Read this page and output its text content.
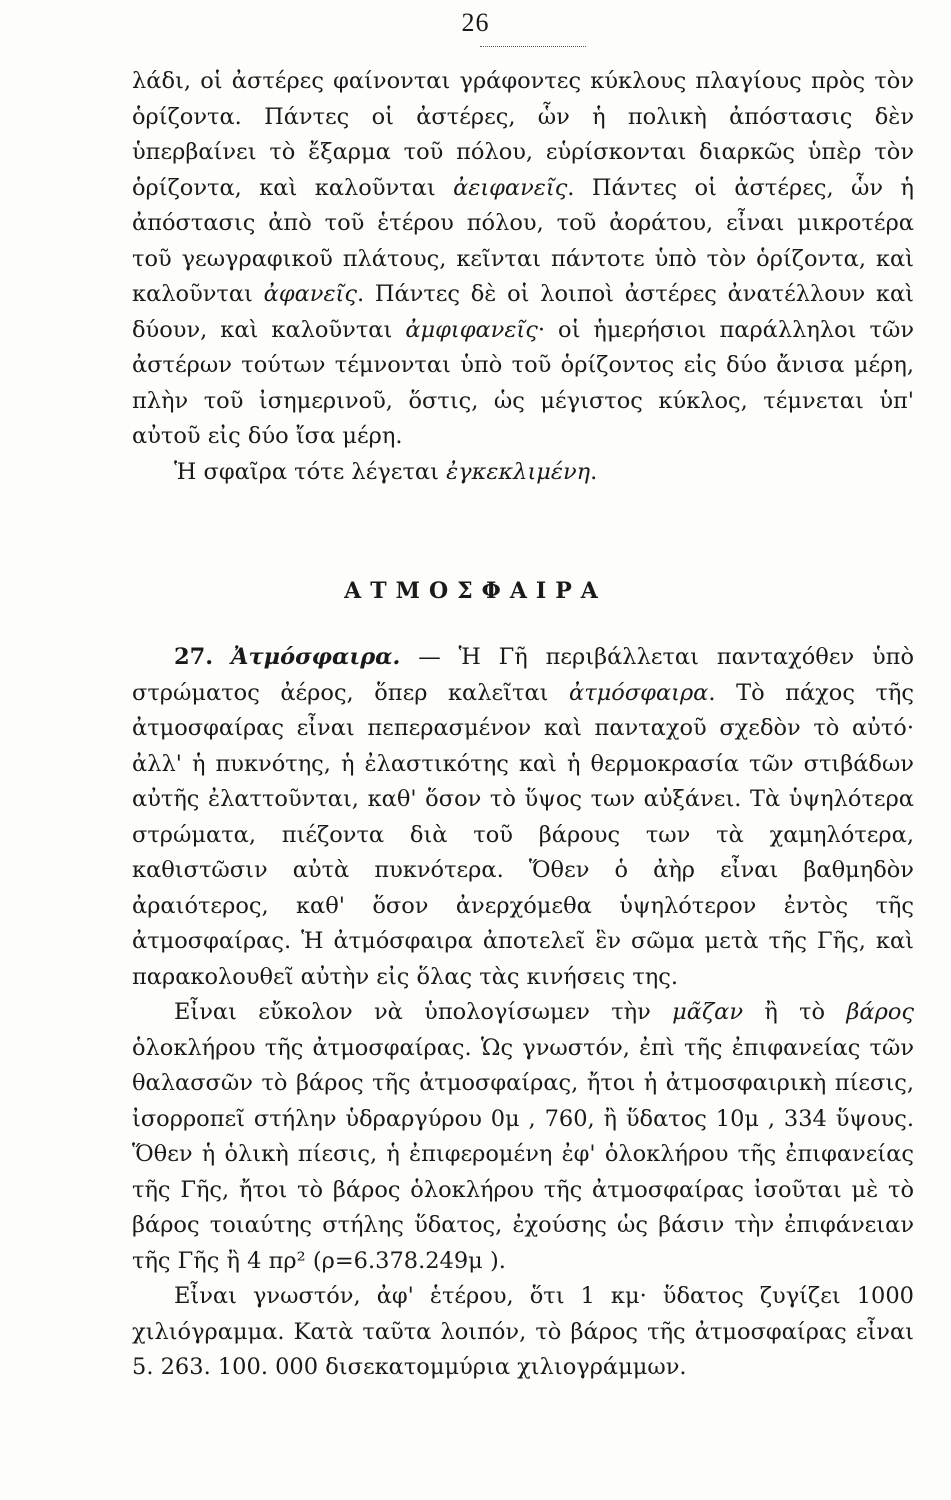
26

λάδι, οἱ ἀστέρες φαίνονται γράφοντες κύκλους πλαγίους πρὸς τὸν ὁρίζοντα. Πάντες οἱ ἀστέρες, ὧν ἡ πολικὴ ἀπόστασις δὲν ὑπερβαίνει τὸ ἔξαρμα τοῦ πόλου, εὑρίσκονται διαρκῶς ὑπὲρ τὸν ὁρίζοντα, καὶ καλοῦνται ἀειφανεῖς. Πάντες οἱ ἀστέρες, ὧν ἡ ἀπόστασις ἀπὸ τοῦ ἑτέρου πόλου, τοῦ ἀοράτου, εἶναι μικροτέρα τοῦ γεωγραφικοῦ πλάτους, κεῖνται πάντοτε ὑπὸ τὸν ὁρίζοντα, καὶ καλοῦνται ἀφανεῖς. Πάντες δὲ οἱ λοιποὶ ἀστέρες ἀνατέλλουν καὶ δύουν, καὶ καλοῦνται ἀμφιφανεῖς· οἱ ἡμερήσιοι παράλληλοι τῶν ἀστέρων τούτων τέμνονται ὑπὸ τοῦ ὁρίζοντος εἰς δύο ἄνισα μέρη, πλὴν τοῦ ἰσημερινοῦ, ὅστις, ὡς μέγιστος κύκλος, τέμνεται ὑπ' αὐτοῦ εἰς δύο ἴσα μέρη.

Ἡ σφαῖρα τότε λέγεται ἐγκεκλιμένη.

ΑΤΜΟΣΦΑΙΡΑ

27. Ἀτμόσφαιρα. — Ἡ Γῆ περιβάλλεται πανταχόθεν ὑπὸ στρώματος ἀέρος, ὅπερ καλεῖται ἀτμόσφαιρα. Τὸ πάχος τῆς ἀτμοσφαίρας εἶναι πεπερασμένον καὶ πανταχοῦ σχεδὸν τὸ αὐτό· ἀλλ' ἡ πυκνότης, ἡ ἐλαστικότης καὶ ἡ θερμοκρασία τῶν στιβάδων αὐτῆς ἐλαττοῦνται, καθ' ὅσον τὸ ὕψος των αὐξάνει. Τὰ ὑψηλότερα στρώματα, πιέζοντα διὰ τοῦ βάρους των τὰ χαμηλότερα, καθιστῶσιν αὐτὰ πυκνότερα. Ὅθεν ὁ ἀὴρ εἶναι βαθμηδὸν ἀραιότερος, καθ' ὅσον ἀνερχόμεθα ὑψηλότερον ἐντὸς τῆς ἀτμοσφαίρας. Ἡ ἀτμόσφαιρα ἀποτελεῖ ἓν σῶμα μετὰ τῆς Γῆς, καὶ παρακολουθεῖ αὐτὴν εἰς ὅλας τὰς κινήσεις της.

Εἶναι εὔκολον νὰ ὑπολογίσωμεν τὴν μᾶζαν ἢ τὸ βάρος ὁλοκλήρου τῆς ἀτμοσφαίρας. Ὡς γνωστόν, ἐπὶ τῆς ἐπιφανείας τῶν θαλασσῶν τὸ βάρος τῆς ἀτμοσφαίρας, ἤτοι ἡ ἀτμοσφαιρικὴ πίεσις, ἰσορροπεῖ στήλην ὑδραργύρου 0μ , 760, ἢ ὕδατος 10μ , 334 ὕψους. Ὅθεν ἡ ὁλικὴ πίεσις, ἡ ἐπιφερομένη ἐφ' ὁλοκλήρου τῆς ἐπιφανείας τῆς Γῆς, ἤτοι τὸ βάρος ὁλοκλήρου τῆς ἀτμοσφαίρας ἰσοῦται μὲ τὸ βάρος τοιαύτης στήλης ὕδατος, ἐχούσης ὡς βάσιν τὴν ἐπιφάνειαν τῆς Γῆς ἢ 4 πρ² (ρ=6.378.249μ ).

Εἶναι γνωστόν, ἀφ' ἑτέρου, ὅτι 1 κμ· ὕδατος ζυγίζει 1000 χιλιόγραμμα. Κατὰ ταῦτα λοιπόν, τὸ βάρος τῆς ἀτμοσφαίρας εἶναι 5. 263. 100. 000 δισεκατομμύρια χιλιογράμμων.
